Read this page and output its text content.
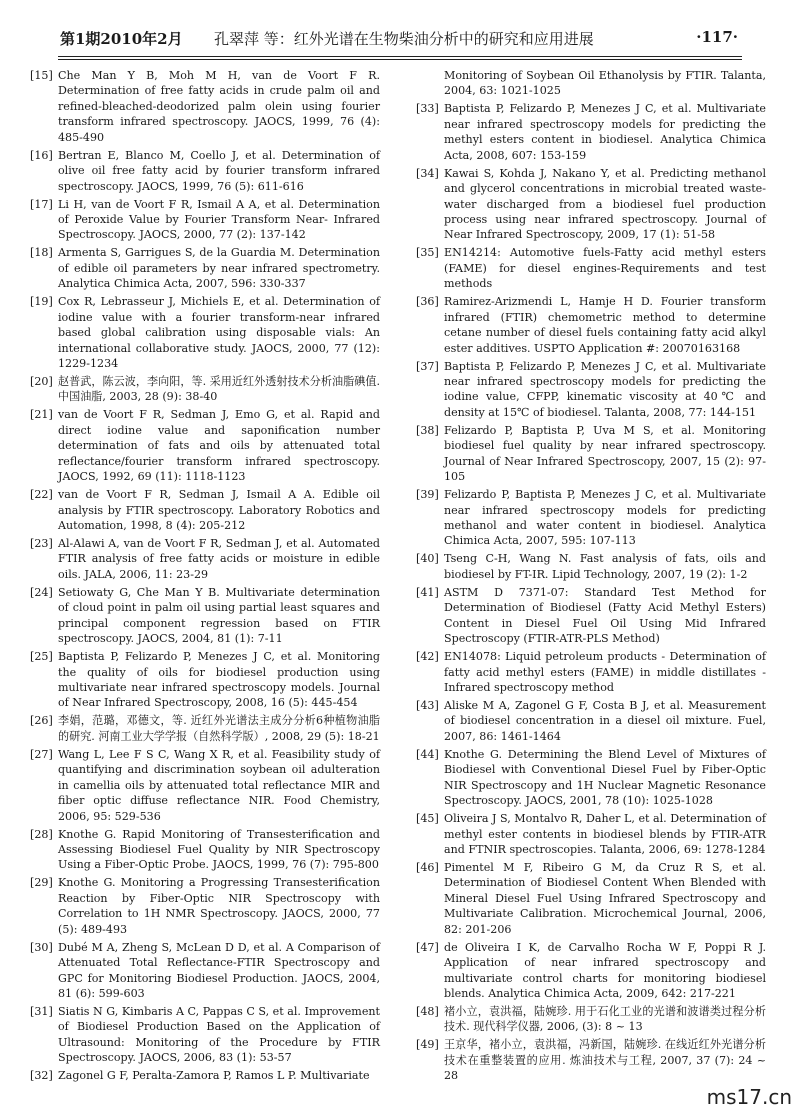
第1期2010年2月 孔翠萍 等：红外光谱在生物柴油分析中的研究和应用进展	·117·
[15] Che Man Y B, Moh M H, van de Voort F R. Determination of free fatty acids in crude palm oil and refined-bleached-deodorized palm olein using fourier transform infrared spectroscopy. JAOCS, 1999, 76 (4): 485-490
[16] Bertran E, Blanco M, Coello J, et al. Determination of olive oil free fatty acid by fourier transform infrared spectroscopy. JAOCS, 1999, 76 (5): 611-616
[17] Li H, van de Voort F R, Ismail A A, et al. Determination of Peroxide Value by Fourier Transform Near- Infrared Spectroscopy. JAOCS, 2000, 77 (2): 137-142
[18] Armenta S, Garrigues S, de la Guardia M. Determination of edible oil parameters by near infrared spectrometry. Analytica Chimica Acta, 2007, 596: 330-337
[19] Cox R, Lebrasseur J, Michiels E, et al. Determination of iodine value with a fourier transform-near infrared based global calibration using disposable vials: An international collaborative study. JAOCS, 2000, 77 (12): 1229-1234
[20] 赵普武，陈云波，李向阳，等. 采用近红外透射技术分析油脂碘值. 中国油脂, 2003, 28 (9): 38-40
[21] van de Voort F R, Sedman J, Emo G, et al. Rapid and direct iodine value and saponification number determination of fats and oils by attenuated total reflectance/fourier transform infrared spectroscopy. JAOCS, 1992, 69 (11): 1118-1123
[22] van de Voort F R, Sedman J, Ismail A A. Edible oil analysis by FTIR spectroscopy. Laboratory Robotics and Automation, 1998, 8 (4): 205-212
[23] Al-Alawi A, van de Voort F R, Sedman J, et al. Automated FTIR analysis of free fatty acids or moisture in edible oils. JALA, 2006, 11: 23-29
[24] Setiowaty G, Che Man Y B. Multivariate determination of cloud point in palm oil using partial least squares and principal component regression based on FTIR spectroscopy. JAOCS, 2004, 81 (1): 7-11
[25] Baptista P, Felizardo P, Menezes J C, et al. Monitoring the quality of oils for biodiesel production using multivariate near infrared spectroscopy models. Journal of Near Infrared Spectroscopy, 2008, 16 (5): 445-454
[26] 李娟，范璐，邓德文，等. 近红外光谱法主成分分析6种植物油脂的研究. 河南工业大学学报（自然科学版）, 2008, 29 (5): 18-21
[27] Wang L, Lee F S C, Wang X R, et al. Feasibility study of quantifying and discrimination soybean oil adulteration in camellia oils by attenuated total reflectance MIR and fiber optic diffuse reflectance NIR. Food Chemistry, 2006, 95: 529-536
[28] Knothe G. Rapid Monitoring of Transesterification and Assessing Biodiesel Fuel Quality by NIR Spectroscopy Using a Fiber-Optic Probe. JAOCS, 1999, 76 (7): 795-800
[29] Knothe G. Monitoring a Progressing Transesterification Reaction by Fiber-Optic NIR Spectroscopy with Correlation to 1H NMR Spectroscopy. JAOCS, 2000, 77 (5): 489-493
[30] Dubé M A, Zheng S, McLean D D, et al. A Comparison of Attenuated Total Reflectance-FTIR Spectroscopy and GPC for Monitoring Biodiesel Production. JAOCS, 2004, 81 (6): 599-603
[31] Siatis N G, Kimbaris A C, Pappas C S, et al. Improvement of Biodiesel Production Based on the Application of Ultrasound: Monitoring of the Procedure by FTIR Spectroscopy. JAOCS, 2006, 83 (1): 53-57
[32] Zagonel G F, Peralta-Zamora P, Ramos L P. Multivariate
Monitoring of Soybean Oil Ethanolysis by FTIR. Talanta, 2004, 63: 1021-1025
[33] Baptista P, Felizardo P, Menezes J C, et al. Multivariate near infrared spectroscopy models for predicting the methyl esters content in biodiesel. Analytica Chimica Acta, 2008, 607: 153-159
[34] Kawai S, Kohda J, Nakano Y, et al. Predicting methanol and glycerol concentrations in microbial treated waste-water discharged from a biodiesel fuel production process using near infrared spectroscopy. Journal of Near Infrared Spectroscopy, 2009, 17 (1): 51-58
[35] EN14214: Automotive fuels-Fatty acid methyl esters (FAME) for diesel engines-Requirements and test methods
[36] Ramirez-Arizmendi L, Hamje H D. Fourier transform infrared (FTIR) chemometric method to determine cetane number of diesel fuels containing fatty acid alkyl ester additives. USPTO Application #: 20070163168
[37] Baptista P, Felizardo P, Menezes J C, et al. Multivariate near infrared spectroscopy models for predicting the iodine value, CFPP, kinematic viscosity at 40℃ and density at 15℃ of biodiesel. Talanta, 2008, 77: 144-151
[38] Felizardo P, Baptista P, Uva M S, et al. Monitoring biodiesel fuel quality by near infrared spectroscopy. Journal of Near Infrared Spectroscopy, 2007, 15 (2): 97-105
[39] Felizardo P, Baptista P, Menezes J C, et al. Multivariate near infrared spectroscopy models for predicting methanol and water content in biodiesel. Analytica Chimica Acta, 2007, 595: 107-113
[40] Tseng C-H, Wang N. Fast analysis of fats, oils and biodiesel by FT-IR. Lipid Technology, 2007, 19 (2): 1-2
[41] ASTM D 7371-07: Standard Test Method for Determination of Biodiesel (Fatty Acid Methyl Esters) Content in Diesel Fuel Oil Using Mid Infrared Spectroscopy (FTIR-ATR-PLS Method)
[42] EN14078: Liquid petroleum products - Determination of fatty acid methyl esters (FAME) in middle distillates - Infrared spectroscopy method
[43] Aliske M A, Zagonel G F, Costa B J, et al. Measurement of biodiesel concentration in a diesel oil mixture. Fuel, 2007, 86: 1461-1464
[44] Knothe G. Determining the Blend Level of Mixtures of Biodiesel with Conventional Diesel Fuel by Fiber-Optic NIR Spectroscopy and 1H Nuclear Magnetic Resonance Spectroscopy. JAOCS, 2001, 78 (10): 1025-1028
[45] Oliveira J S, Montalvo R, Daher L, et al. Determination of methyl ester contents in biodiesel blends by FTIR-ATR and FTNIR spectroscopies. Talanta, 2006, 69: 1278-1284
[46] Pimentel M F, Ribeiro G M, da Cruz R S, et al. Determination of Biodiesel Content When Blended with Mineral Diesel Fuel Using Infrared Spectroscopy and Multivariate Calibration. Microchemical Journal, 2006, 82: 201-206
[47] de Oliveira I K, de Carvalho Rocha W F, Poppi R J. Application of near infrared spectroscopy and multivariate control charts for monitoring biodiesel blends. Analytica Chimica Acta, 2009, 642: 217-221
[48] 褚小立，袁洪福，陆婉珍. 用于石化工业的光谱和波谱类过程分析技术. 现代科学仪器, 2006, (3): 8 ~ 13
[49] 王京华，褚小立，袁洪福，冯新国，陆婉珍. 在线近红外光谱分析技术在重整装置的应用. 炼油技术与工程, 2007, 37 (7): 24 ~ 28
ms17.cn
